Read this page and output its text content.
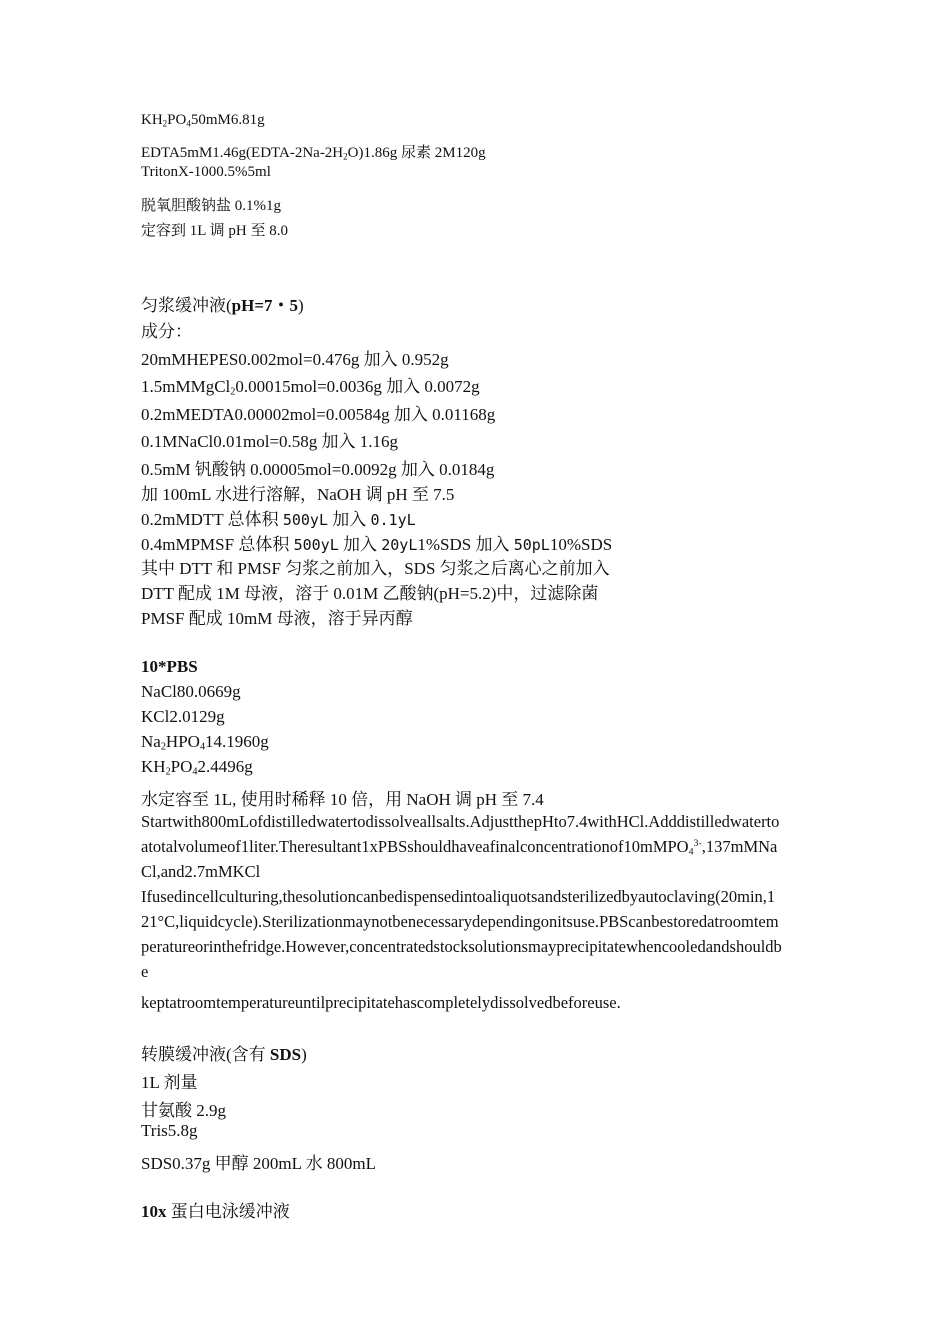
$KH_2PO_450mM6.81g$
$EDTA5mM1.46g(EDTA-2Na-2H_2O)1.86g$ 尿素 2M120g
TritonX-1000.5%5ml
脱氧胆酸钠盐 0.1%1g
定容到 1L 调 pH 至 8.0
匀浆缓冲液(pH=7・5)
成分：
20mMHEPES0.002mol=0.476g 加入 0.952g
1.5mMMgCl$_2$0.00015mol=0.0036g 加入 0.0072g
0.2mMEDTA0.00002mol=0.00584g 加入 0.01168g
0.1MNaCl0.01mol=0.58g 加入 1.16g
0.5mM 钒酸钠 0.00005mol=0.0092g 加入 0.0184g
加 100mL 水进行溶解，NaOH 调 pH 至 7.5
0.2mMDTT 总体积 500yL 加入 0.1yL
0.4mMPMSF 总体积 500yL 加入 20yL1%SDS 加入 50pL10%SDS
其中 DTT 和 PMSF 匀浆之前加入，SDS 匀浆之后离心之前加入
DTT 配成 1M 母液，溶于 0.01M 乙酸钠(pH=5.2)中，过滤除菌
PMSF 配成 10mM 母液，溶于异丙醇
10*PBS
NaCl80.0669g
KCl2.0129g
$Na_2HPO_414.1960g$
$KH_2PO_42.4496g$
水定容至 1L, 使用时稀释 10 倍，用 NaOH 调 pH 至 7.4
Startwith800mLofdistilledwatertodissolveallsalts.AdjustthepHto7.4withHCl.Adddistilledwaterto
atotalvolumeof1liter.Theresultant1xPBSshouldhaveafinalconcentrationof10mMPO$_4^{3-}$,137mMNa
Cl,and2.7mMKCl
Ifusedincellculturing,thesolutioncanbedispensedintoaliquotsandsterilizedbyautoclaving(20min,1
21°C,liquidcycle).Sterilizationmaynotbenecessarydependingonitsuse.PBScanbestoredatroomtem
peratureorinthefridge.However,concentratedstocksolutionsmayprecipitatewhencooledandshouldb
e
keptatroomtemperatureuntilprecipitatehascompletelydissolvedbeforeuse.
转膜缓冲液(含有 SDS)
1L 剂量
甘氨酸 2.9g
Tris5.8g
SDS0.37g 甲醇 200mL 水 800mL
10x 蛋白电泳缓冲液
